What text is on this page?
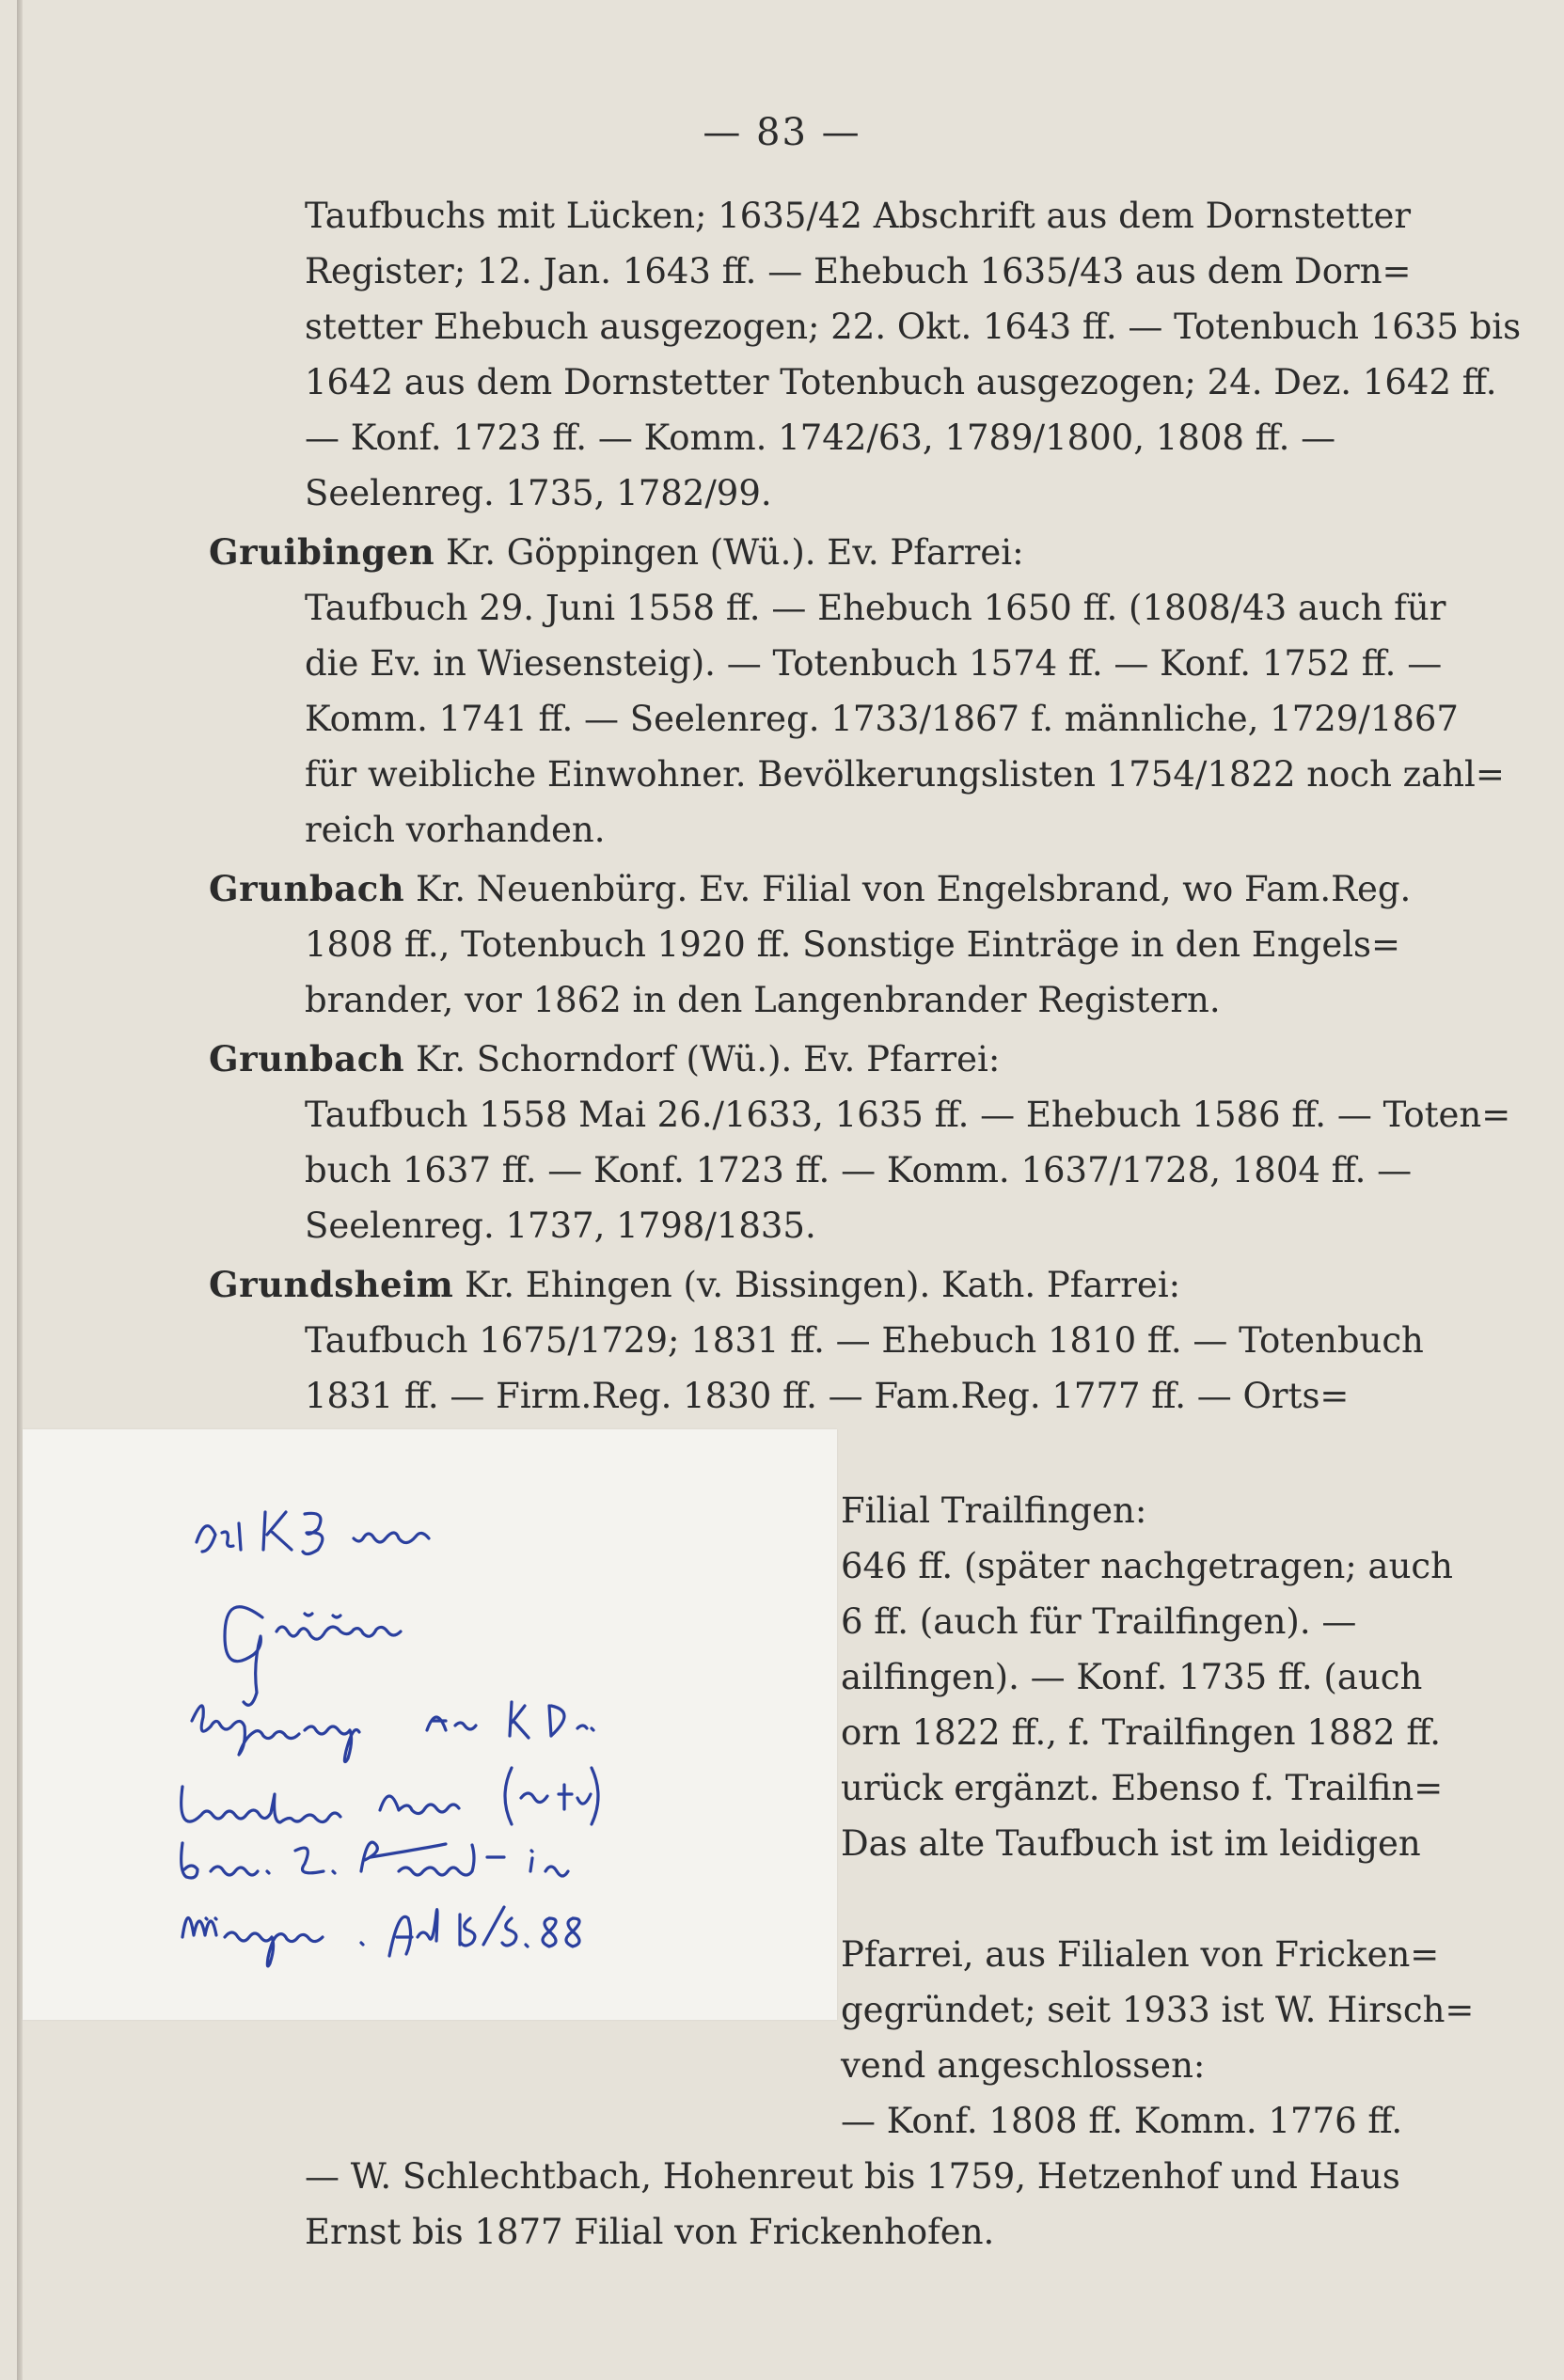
— 83 —
Taufbuchs mit Lücken; 1635/42 Abschrift aus dem Dornstetter
Register; 12. Jan. 1643 ff. — Ehebuch 1635/43 aus dem Dorn=
stetter Ehebuch ausgezogen; 22. Okt. 1643 ff. — Totenbuch 1635 bis
1642 aus dem Dornstetter Totenbuch ausgezogen; 24. Dez. 1642 ff.
— Konf. 1723 ff. — Komm. 1742/63, 1789/1800, 1808 ff. —
Seelenreg. 1735, 1782/99.
Gruibingen Kr. Göppingen (Wü.). Ev. Pfarrei:
Taufbuch 29. Juni 1558 ff. — Ehebuch 1650 ff. (1808/43 auch für
die Ev. in Wiesensteig). — Totenbuch 1574 ff. — Konf. 1752 ff. —
Komm. 1741 ff. — Seelenreg. 1733/1867 f. männliche, 1729/1867
für weibliche Einwohner. Bevölkerungslisten 1754/1822 noch zahl=
reich vorhanden.
Grunbach Kr. Neuenbürg. Ev. Filial von Engelsbrand, wo Fam.Reg.
1808 ff., Totenbuch 1920 ff. Sonstige Einträge in den Engels=
brander, vor 1862 in den Langenbrander Registern.
Grunbach Kr. Schorndorf (Wü.). Ev. Pfarrei:
Taufbuch 1558 Mai 26./1633, 1635 ff. — Ehebuch 1586 ff. — Toten=
buch 1637 ff. — Konf. 1723 ff. — Komm. 1637/1728, 1804 ff. —
Seelenreg. 1737, 1798/1835.
Grundsheim Kr. Ehingen (v. Bissingen). Kath. Pfarrei:
Taufbuch 1675/1729; 1831 ff. — Ehebuch 1810 ff. — Totenbuch
1831 ff. — Firm.Reg. 1830 ff. — Fam.Reg. 1777 ff. — Orts=
Filial Trailfingen:
646 ff. (später nachgetragen; auch
6 ff. (auch für Trailfingen). —
ailfingen). — Konf. 1735 ff. (auch
orn 1822 ff., f. Trailfingen 1882 ff.
urück ergänzt. Ebenso f. Trailfin=
Das alte Taufbuch ist im leidigen

Pfarrei, aus Filialen von Fricken=
gegründet; seit 1933 ist W. Hirsch=
vend angeschlossen:
— Konf. 1808 ff. Komm. 1776 ff.
— W. Schlechtbach, Hohenreut bis 1759, Hetzenhof und Haus
Ernst bis 1877 Filial von Frickenhofen.
